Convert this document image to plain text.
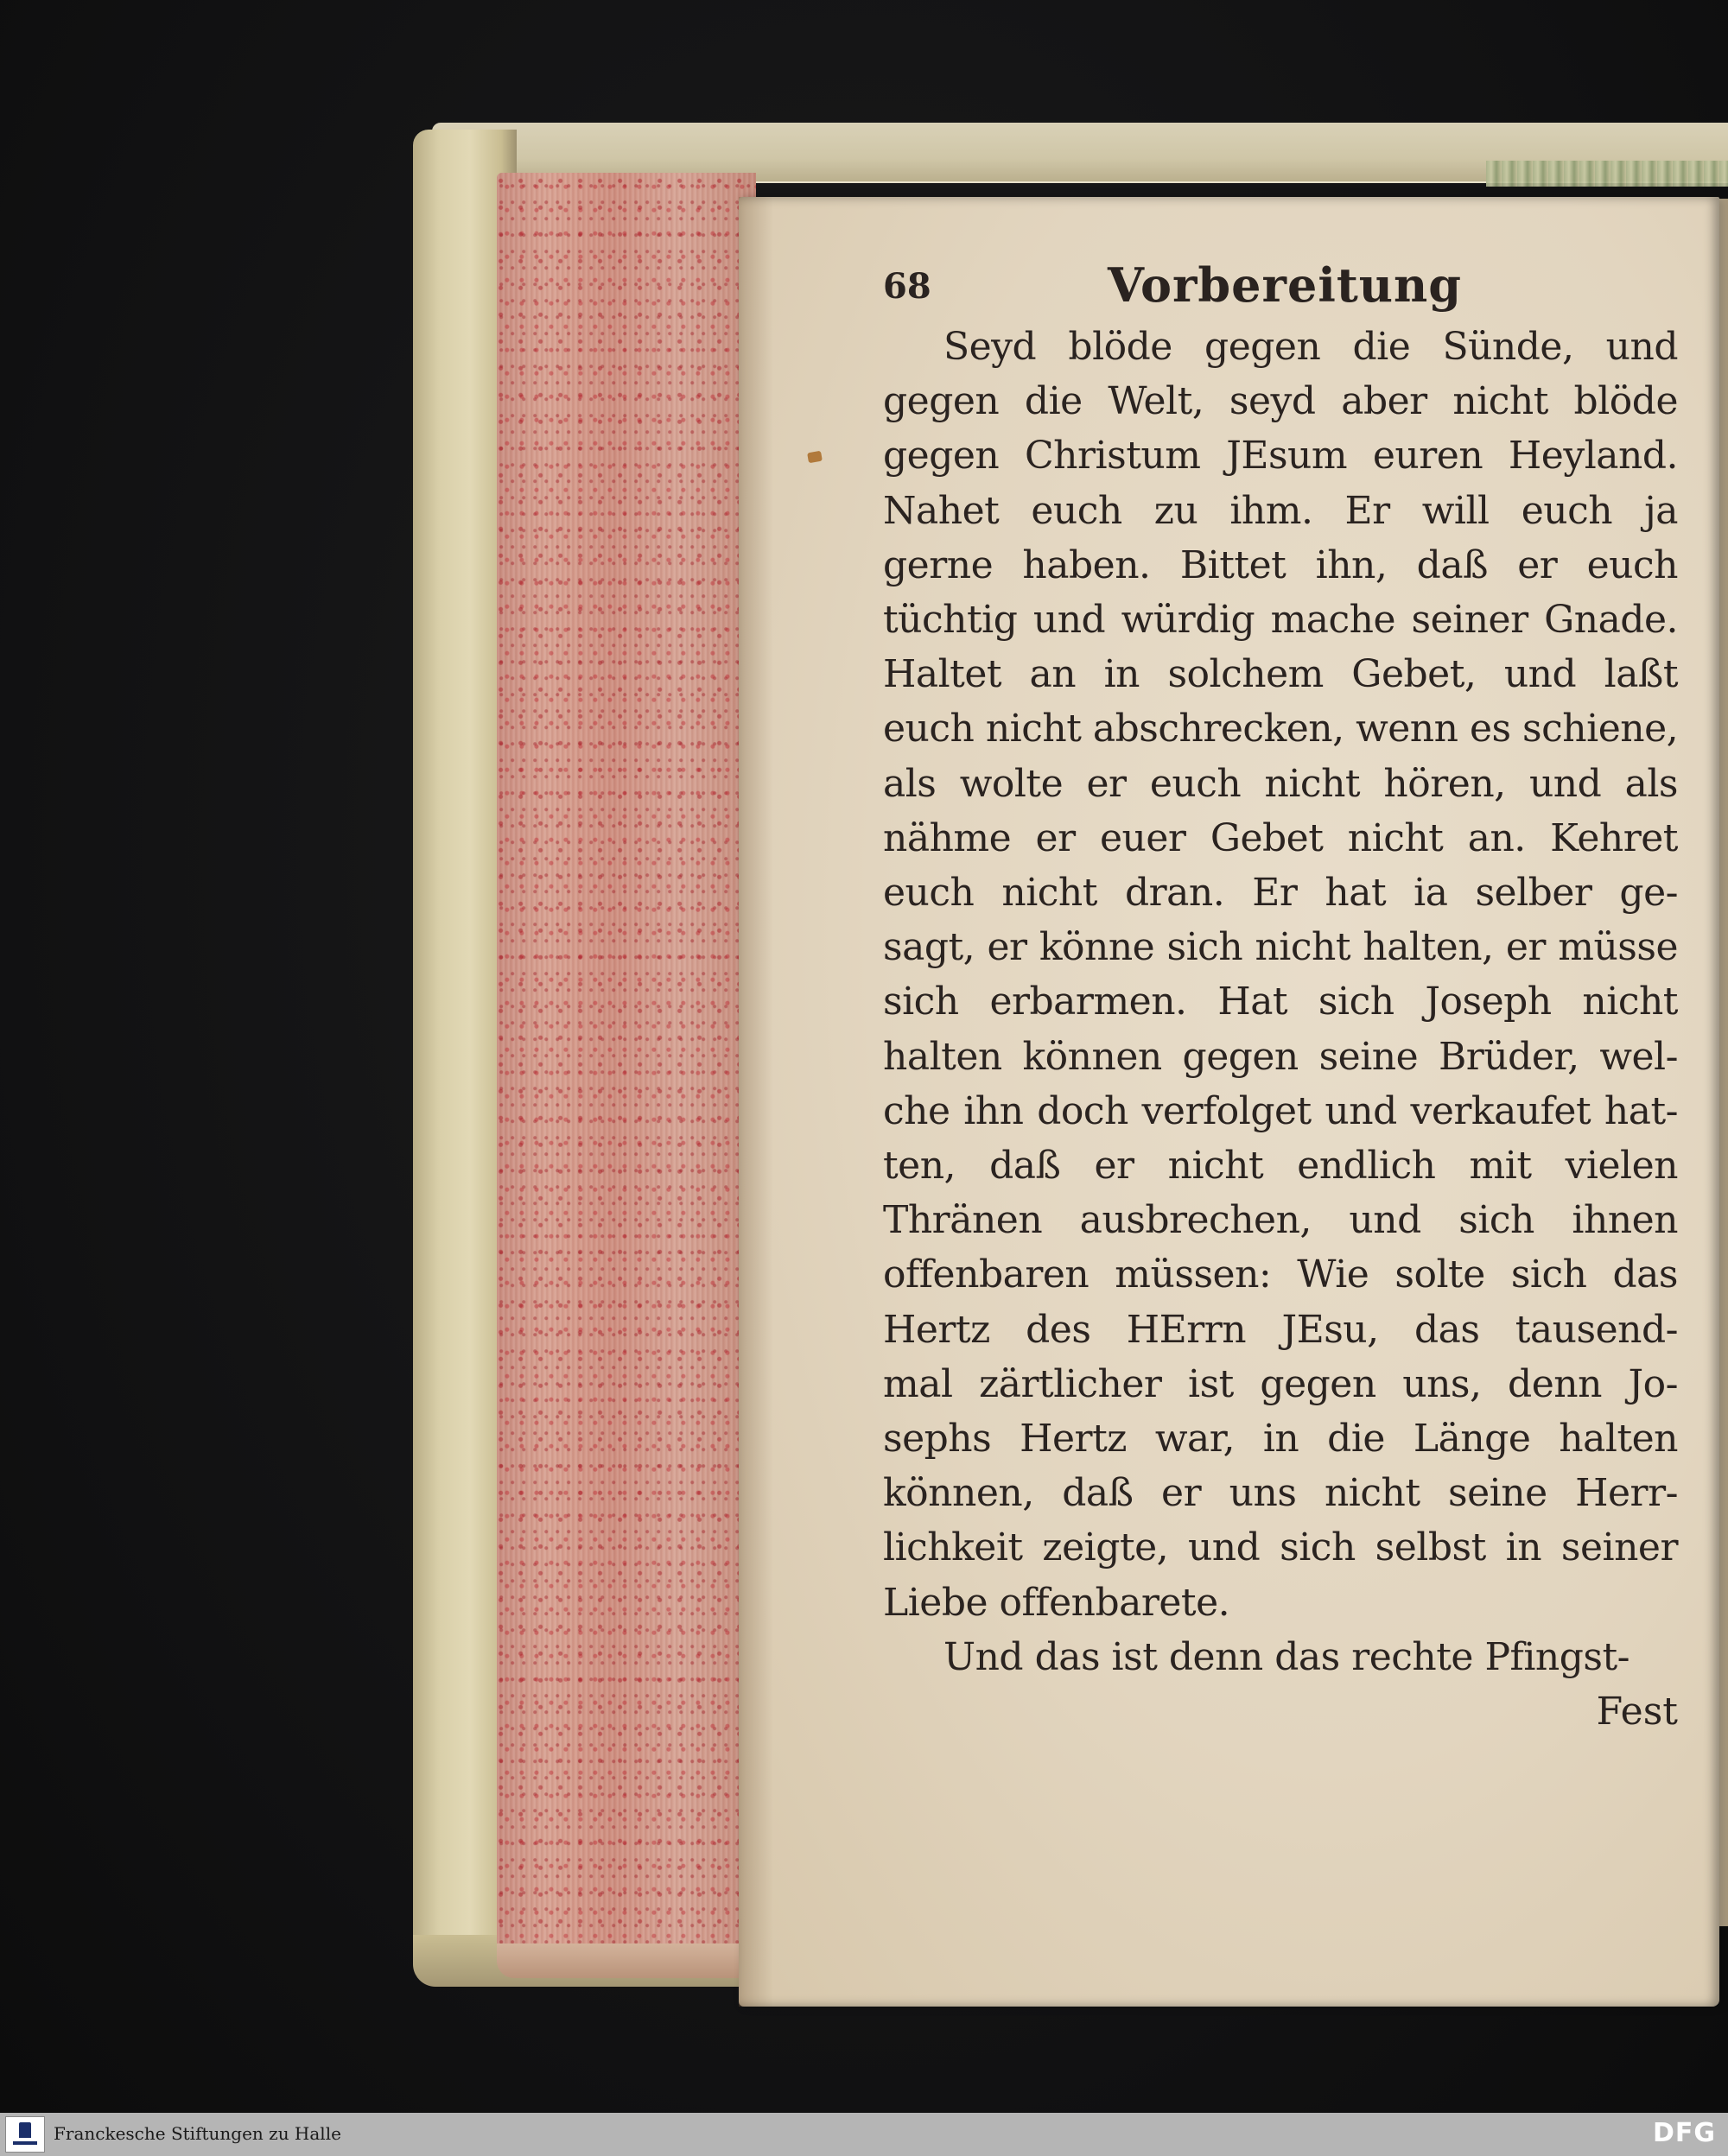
68	Vorbereitung
Seyd blöde gegen die Sünde, und
gegen die Welt, seyd aber nicht blöde
gegen Christum JEsum euren Heyland.
Nahet euch zu ihm. Er will euch ja
gerne haben. Bittet ihn, daß er euch
tüchtig und würdig mache seiner Gnade.
Haltet an in solchem Gebet, und laßt
euch nicht abschrecken, wenn es schiene,
als wolte er euch nicht hören, und als
nähme er euer Gebet nicht an. Kehret
euch nicht dran. Er hat ia selber ge-
sagt, er könne sich nicht halten, er müsse
sich erbarmen. Hat sich Joseph nicht
halten können gegen seine Brüder, wel-
che ihn doch verfolget und verkaufet hat-
ten, daß er nicht endlich mit vielen
Thränen ausbrechen, und sich ihnen
offenbaren müssen: Wie solte sich das
Hertz des HErrn JEsu, das tausend-
mal zärtlicher ist gegen uns, denn Jo-
sephs Hertz war, in die Länge halten
können, daß er uns nicht seine Herr-
lichkeit zeigte, und sich selbst in seiner
Liebe offenbarete.
Und das ist denn das rechte Pfingst-
Fest
Franckesche Stiftungen zu Halle	DFG
